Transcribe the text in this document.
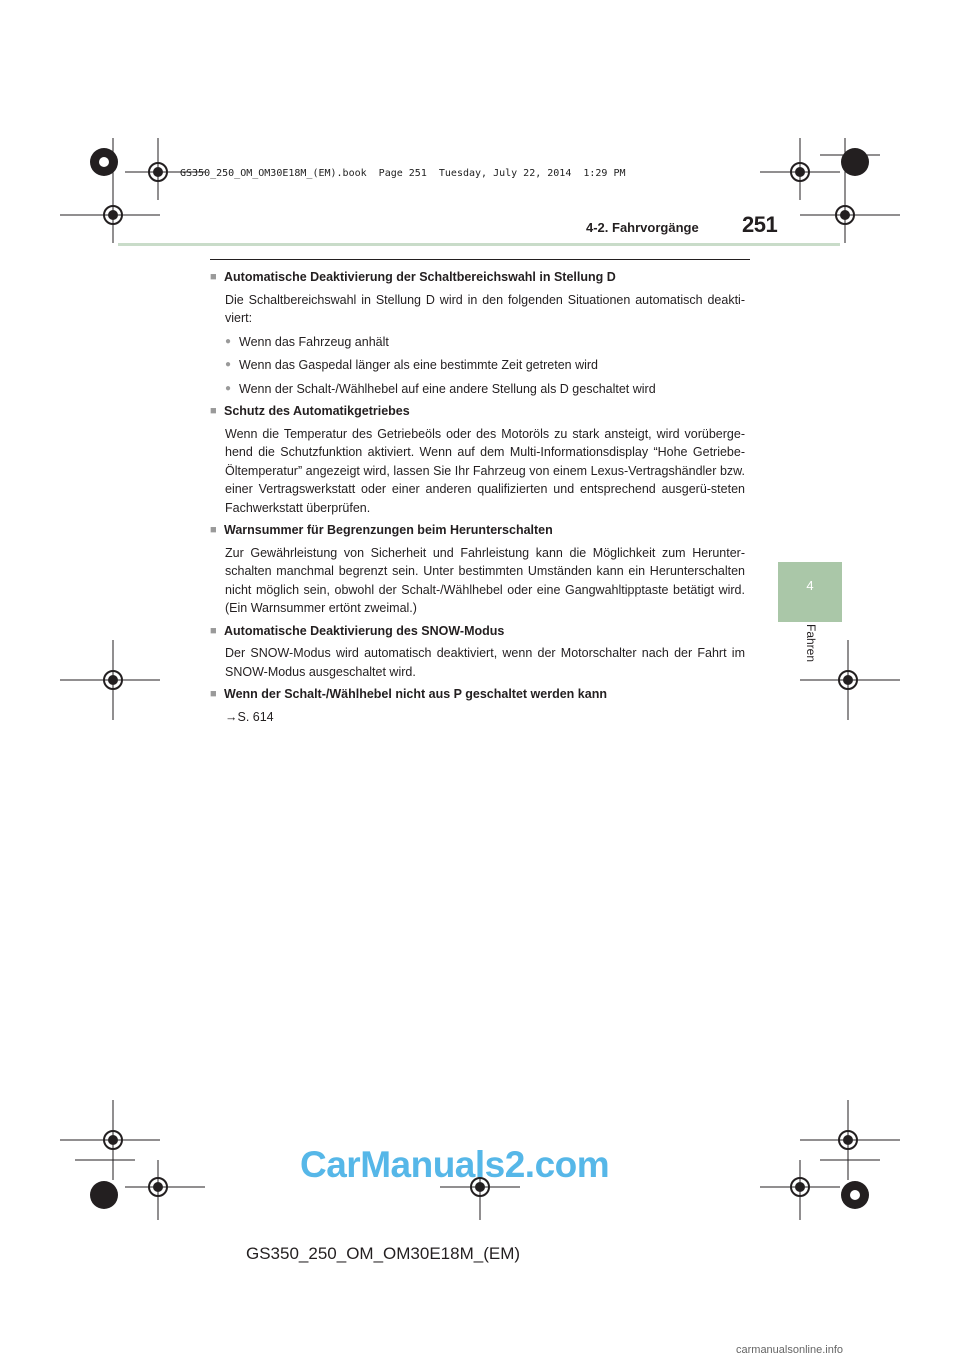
GS350_250_OM_OM30E18M_(EM).book  Page 251  Tuesday, July 22, 2014  1:29 PM
4-2. Fahrvorgänge 251
4
Fahren
■ Automatische Deaktivierung der Schaltbereichswahl in Stellung D
Die Schaltbereichswahl in Stellung D wird in den folgenden Situationen automatisch deakti-viert:
● Wenn das Fahrzeug anhält
● Wenn das Gaspedal länger als eine bestimmte Zeit getreten wird
● Wenn der Schalt-/Wählhebel auf eine andere Stellung als D geschaltet wird
■ Schutz des Automatikgetriebes
Wenn die Temperatur des Getriebeöls oder des Motoröls zu stark ansteigt, wird vorüberge-hend die Schutzfunktion aktiviert. Wenn auf dem Multi-Informationsdisplay “Hohe Getriebe-Öltemperatur” angezeigt wird, lassen Sie Ihr Fahrzeug von einem Lexus-Vertragshändler bzw. einer Vertragswerkstatt oder einer anderen qualifizierten und entsprechend ausgerü-steten Fachwerkstatt überprüfen.
■ Warnsummer für Begrenzungen beim Herunterschalten
Zur Gewährleistung von Sicherheit und Fahrleistung kann die Möglichkeit zum Herunter-schalten manchmal begrenzt sein. Unter bestimmten Umständen kann ein Herunterschalten nicht möglich sein, obwohl der Schalt-/Wählhebel oder eine Gangwahltipptaste betätigt wird. (Ein Warnsummer ertönt zweimal.)
■ Automatische Deaktivierung des SNOW-Modus
Der SNOW-Modus wird automatisch deaktiviert, wenn der Motorschalter nach der Fahrt im SNOW-Modus ausgeschaltet wird.
■ Wenn der Schalt-/Wählhebel nicht aus P geschaltet werden kann
→S. 614
CarManuals2.com
GS350_250_OM_OM30E18M_(EM)
carmanualsonline.info
